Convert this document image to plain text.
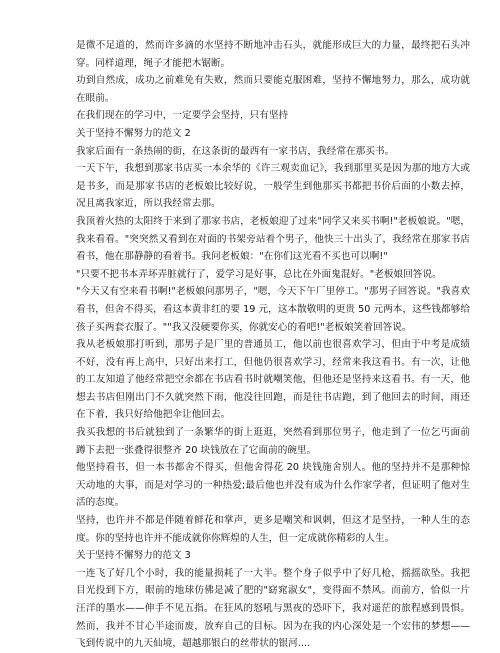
是微不足道的，然而许多滴的水坚持不断地冲击石头，就能形成巨大的力量，最终把石头冲穿。同样道理，绳子才能把木锯断。

功到自然成，成功之前难免有失败，然而只要能克服困难，坚持不懈地努力，那么，成功就在眼前。

在我们现在的学习中，一定要学会坚持，只有坚持

关于坚持不懈努力的范文 2

我家后面有一条热闹的街，在这条街的最西有一家书店，我经常在那买书。

一天下午，我想到那家书店买一本余华的《许三观卖血记》，我到那里买是因为那的地方大或是书多，而是那家书店的老板娘比较好说，一般学生到他那买书都把书价后面的小数去掉，况且离我家近，所以我经常去那。

我顶着火热的太阳终于来到了那家书店，老板娘迎了过来"同学又来买书啊!"老板娘说。"嗯，我来看看。"突突然又看到在对面的书架旁站着个男子，他快三十出头了，我经常在那家书店看书，他在那静静的看着书。我问老板娘："在你们这光看不买也可以啊!"

"只要不把书本弄坏弄脏就行了，爱学习是好事，总比在外面鬼混好。"老板娘回答说。

"今天又有空来看书啊!"老板娘问那男子，"嗯，今天下午厂里停工。"那男子回答说。"我喜欢看书，但舍不得买，看这本黄非红的要 19 元，这本散敬明的更贵 50 元两本，这些钱都够给孩子买两套衣服了。""我又没硬要你买，你就安心的看吧!"老板娘笑着回答说。

我从老板娘那打听到，那男子是厂里的普通员工，他以前也很喜欢学习，但由于中考是成绩不好，没有再上高中，只好出来打工，但他仍很喜欢学习，经常来我这看书。有一次，让他的工友知道了他经常把空余都在书店看书时就嘲笑他，但他还是坚持来这看书。有一天，他想去书店但刚出门不久就突然下雨，他没往回跑，而是往书店跑，到了他回去的时间，雨还在下着，我只好给他把伞让他回去。

我买我想的书后就独到了一条繁华的街上逛逛，突然看到那位男子，他走到了一位乞丐面前蹲下去把一张叠得很整齐 20 块钱放在了它面前的碗里。

他坚持看书，但一本书都舍不得买，但他舍得花 20 块钱施舍别人。他的坚持并不是那种惊天动地的大事，而是对学习的一种热爱;最后他也并没有成为什么作家学者，但证明了他对生活的态度。

坚持，也许并不都是伴随着鲜花和掌声，更多是嘲笑和讽刺，但这才是坚持，一种人生的态度。你的坚持也许并不能成就你你辉煌的人生，但一定成就你精彩的人生。

关于坚持不懈努力的范文 3

一连飞了好几个小时，我的能量损耗了一大半。整个身子似乎中了好几枪，摇摇欲坠。我把目光投到下方，眼前的地球仿佛是减了肥的"窈窕淑女"，变得面不禁风。而前方，恰似一片汪洋的墨水——伸手不见五指。在狂风的怒吼与黑夜的恐吓下，我对遥茫的旅程感到畏惧。然而，我并不甘心半途而废，放弃自己的目标。因为在我的内心深处是一个宏伟的梦想——飞到传说中的九天仙境，超越那银白的丝带状的银河....
